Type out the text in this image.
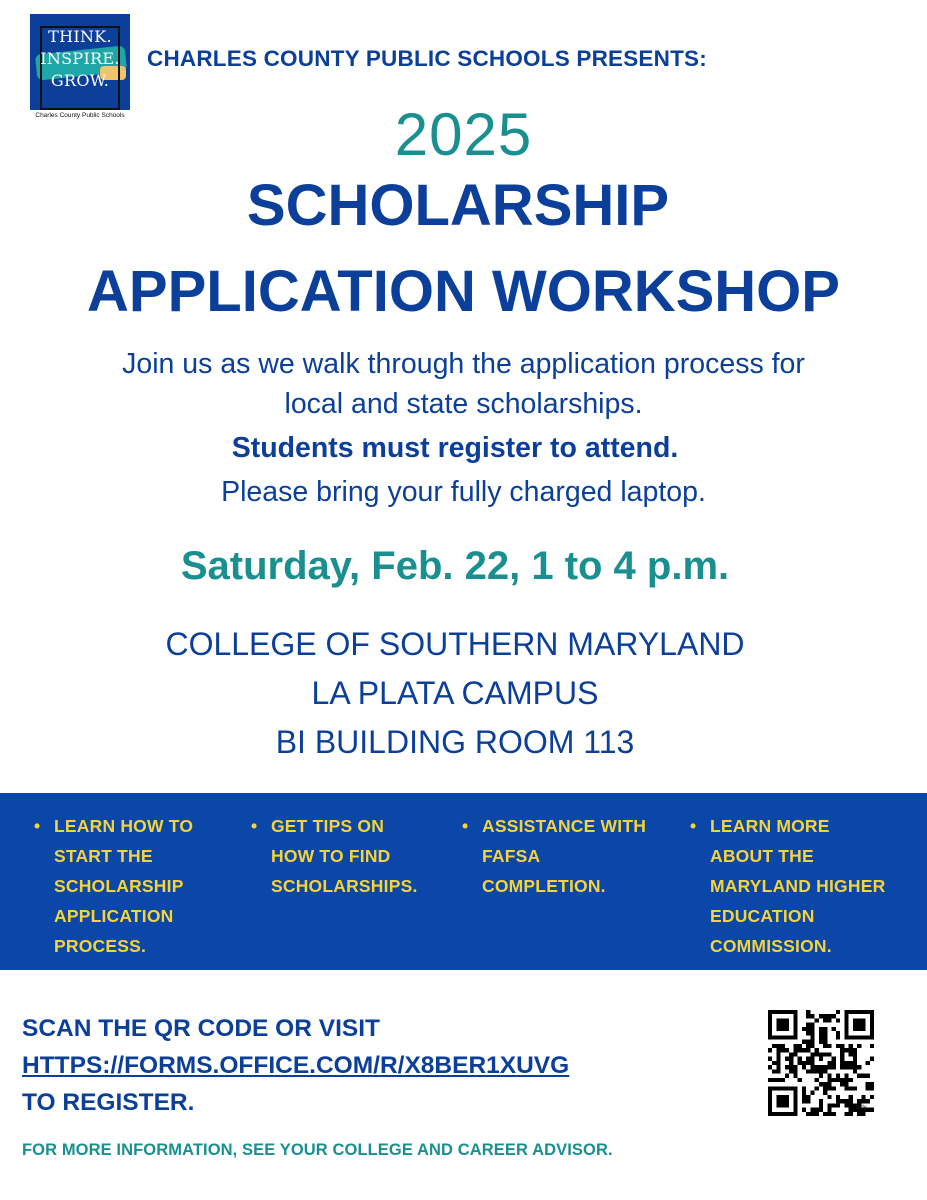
THINK.
INSPIRE.
GROW.
Charles County Public Schools
CHARLES COUNTY PUBLIC SCHOOLS PRESENTS:
2025
SCHOLARSHIP
APPLICATION WORKSHOP
Join us as we walk through the application process for
local and state scholarships.
Students must register to attend.
Please bring your fully charged laptop.
Saturday, Feb. 22, 1 to 4 p.m.
COLLEGE OF SOUTHERN MARYLAND
LA PLATA CAMPUS
BI BUILDING ROOM 113
• LEARN HOW TO
START THE
SCHOLARSHIP
APPLICATION
PROCESS.
• GET TIPS ON
HOW TO FIND
SCHOLARSHIPS.
• ASSISTANCE WITH
FAFSA
COMPLETION.
• LEARN MORE
ABOUT THE
MARYLAND HIGHER
EDUCATION
COMMISSION.
SCAN THE QR CODE OR VISIT
HTTPS://FORMS.OFFICE.COM/R/X8BER1XUVG
TO REGISTER.	bitly
FOR MORE INFORMATION, SEE YOUR COLLEGE AND CAREER ADVISOR.
